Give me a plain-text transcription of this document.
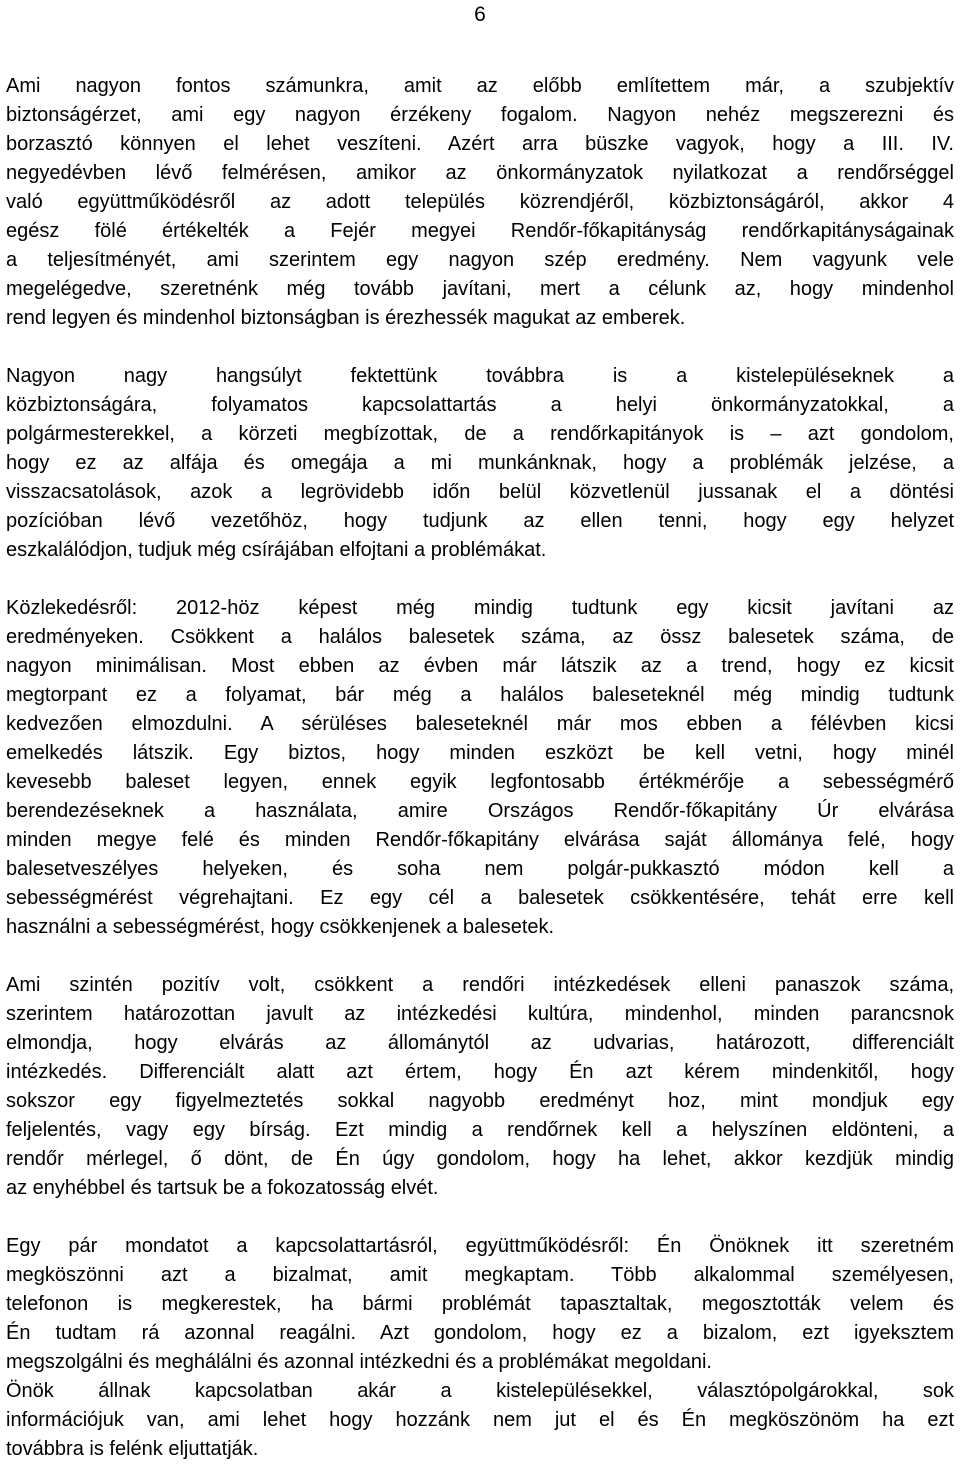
6
Ami nagyon fontos számunkra, amit az előbb említettem már, a szubjektív
biztonságérzet, ami egy nagyon érzékeny fogalom. Nagyon nehéz megszerezni és
borzasztó könnyen el lehet veszíteni. Azért arra büszke vagyok, hogy a III. IV.
negyedévben lévő felmérésen, amikor az önkormányzatok nyilatkozat a rendőrséggel
való együttműködésről az adott település közrendjéről, közbiztonságáról, akkor 4
egész fölé értékelték a Fejér megyei Rendőr-főkapitányság rendőrkapitányságainak
a teljesítményét, ami szerintem egy nagyon szép eredmény. Nem vagyunk vele
megelégedve, szeretnénk még tovább javítani, mert a célunk az, hogy mindenhol
rend legyen és mindenhol biztonságban is érezhessék magukat az emberek.
Nagyon nagy hangsúlyt fektettünk továbbra is a kistelepüléseknek a
közbiztonságára, folyamatos kapcsolattartás a helyi önkormányzatokkal, a
polgármesterekkel, a körzeti megbízottak, de a rendőrkapitányok is – azt gondolom,
hogy ez az alfája és omegája a mi munkánknak, hogy a problémák jelzése, a
visszacsatolások, azok a legrövidebb időn belül közvetlenül jussanak el a döntési
pozícióban lévő vezetőhöz, hogy tudjunk az ellen tenni, hogy egy helyzet
eszkalálódjon, tudjuk még csírájában elfojtani a problémákat.
Közlekedésről: 2012-höz képest még mindig tudtunk egy kicsit javítani az
eredményeken. Csökkent a halálos balesetek száma, az össz balesetek száma, de
nagyon minimálisan. Most ebben az évben már látszik az a trend, hogy ez kicsit
megtorpant ez a folyamat, bár még a halálos baleseteknél még mindig tudtunk
kedvezően elmozdulni. A sérüléses baleseteknél már mos ebben a félévben kicsi
emelkedés látszik. Egy biztos, hogy minden eszközt be kell vetni, hogy minél
kevesebb baleset legyen, ennek egyik legfontosabb értékmérője a sebességmérő
berendezéseknek a használata, amire Országos Rendőr-főkapitány Úr elvárása
minden megye felé és minden Rendőr-főkapitány elvárása saját állománya felé, hogy
balesetveszélyes helyeken, és soha nem polgár-pukkasztó módon kell a
sebességmérést végrehajtani. Ez egy cél a balesetek csökkentésére, tehát erre kell
használni a sebességmérést, hogy csökkenjenek a balesetek.
Ami szintén pozitív volt, csökkent a rendőri intézkedések elleni panaszok száma,
szerintem határozottan javult az intézkedési kultúra, mindenhol, minden parancsnok
elmondja, hogy elvárás az állománytól az udvarias, határozott, differenciált
intézkedés. Differenciált alatt azt értem, hogy Én azt kérem mindenkitől, hogy
sokszor egy figyelmeztetés sokkal nagyobb eredményt hoz, mint mondjuk egy
feljelentés, vagy egy bírság. Ezt mindig a rendőrnek kell a helyszínen eldönteni, a
rendőr mérlegel, ő dönt, de Én úgy gondolom, hogy ha lehet, akkor kezdjük mindig
az enyhébbel és tartsuk be a fokozatosság elvét.
Egy pár mondatot a kapcsolattartásról, együttműködésről: Én Önöknek itt szeretném
megköszönni azt a bizalmat, amit megkaptam. Több alkalommal személyesen,
telefonon is megkerestek, ha bármi problémát tapasztaltak, megosztották velem és
Én tudtam rá azonnal reagálni. Azt gondolom, hogy ez a bizalom, ezt igyeksztem
megszolgálni és meghálálni és azonnal intézkedni és a problémákat megoldani.
Önök állnak kapcsolatban akár a kistelepülésekkel, választópolgárokkal, sok
információjuk van, ami lehet hogy hozzánk nem jut el és Én megköszönöm ha ezt
továbbra is felénk eljuttatják.
